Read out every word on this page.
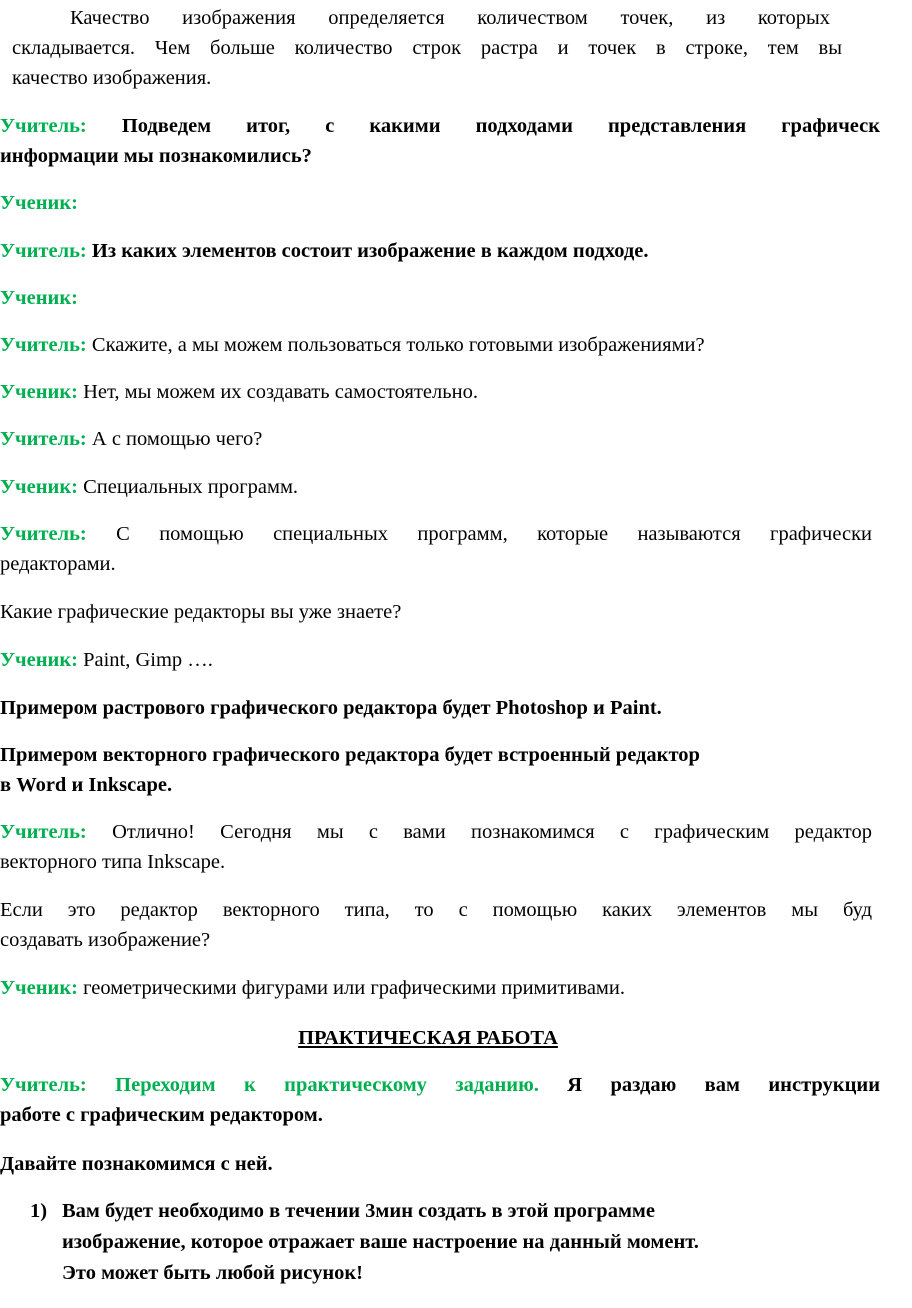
Качество изображения определяется количеством точек, из которых
складывается. Чем больше количество строк растра и точек в строке, тем вы
качество изображения.
Учитель: Подведем итог, с какими подходами представления графическ
информации мы познакомились?
Ученик:
Учитель: Из каких элементов состоит изображение в каждом подходе.
Ученик:
Учитель: Скажите, а мы можем пользоваться только готовыми изображениями?
Ученик: Нет, мы можем их создавать самостоятельно.
Учитель: А с помощью чего?
Ученик: Специальных программ.
Учитель: С помощью специальных программ, которые называются графически
редакторами.
Какие графические редакторы вы уже знаете?
Ученик: Paint, Gimp ….
Примером растрового графического редактора будет Photoshop и Paint.
Примером векторного графического редактора будет встроенный редактор
в Word и Inkscape.
Учитель: Отлично! Сегодня мы с вами познакомимся с графическим редактор
векторного типа Inkscape.
Если это редактор векторного типа, то с помощью каких элементов мы буд
создавать изображение?
Ученик: геометрическими фигурами или графическими примитивами.
ПРАКТИЧЕСКАЯ РАБОТА
Учитель: Переходим к практическому заданию. Я раздаю вам инструкции
работе с графическим редактором.
Давайте познакомимся с ней.
1) Вам будет необходимо в течении 3мин создать в этой программе
изображение, которое отражает ваше настроение на данный момент.
Это может быть любой рисунок!
